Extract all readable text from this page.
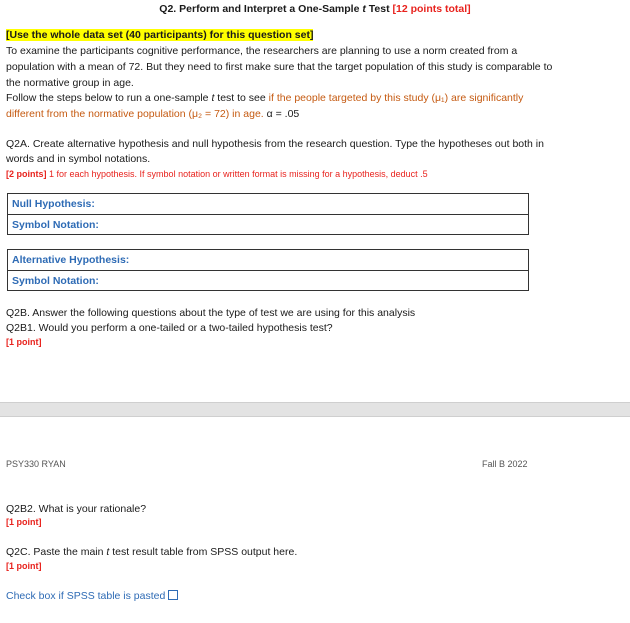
Q2. Perform and Interpret a One-Sample t Test [12 points total]
[Use the whole data set (40 participants) for this question set]
To examine the participants cognitive performance, the researchers are planning to use a norm created from a
population with a mean of 72. But they need to first make sure that the target population of this study is comparable to
the normative group in age.
Follow the steps below to run a one-sample t test to see if the people targeted by this study (μ₁) are significantly
different from the normative population (μ₂ = 72) in age. α = .05
Q2A. Create alternative hypothesis and null hypothesis from the research question. Type the hypotheses out both in
words and in symbol notations.
[2 points] 1 for each hypothesis. If symbol notation or written format is missing for a hypothesis, deduct .5
Null Hypothesis:
Symbol Notation:
Alternative Hypothesis:
Symbol Notation:
Q2B. Answer the following questions about the type of test we are using for this analysis
Q2B1. Would you perform a one-tailed or a two-tailed hypothesis test?
[1 point]
PSY330 RYAN	Fall B 2022
Q2B2. What is your rationale?
[1 point]
Q2C. Paste the main t test result table from SPSS output here.
[1 point]
Check box if SPSS table is pasted
